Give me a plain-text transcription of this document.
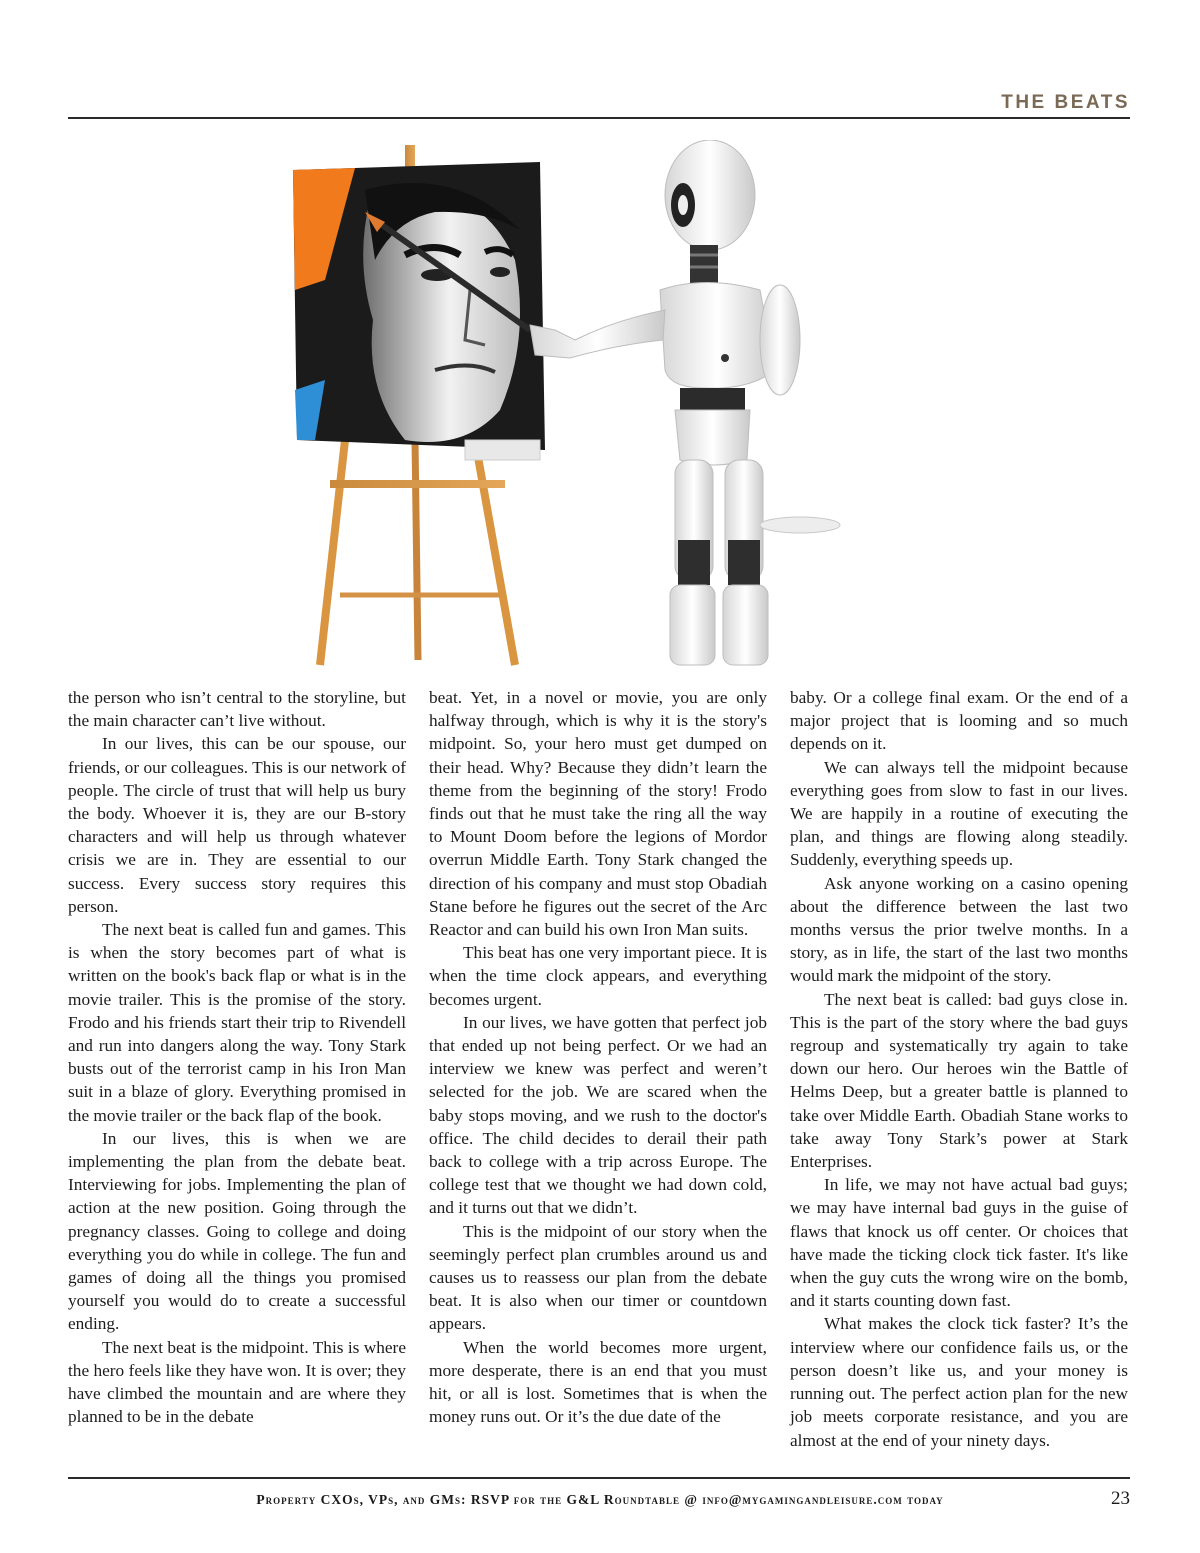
THE BEATS

the person who isn’t central to the storyline, but the main character can’t live without.

In our lives, this can be our spouse, our friends, or our colleagues. This is our network of people. The circle of trust that will help us bury the body. Whoever it is, they are our B-story characters and will help us through whatever crisis we are in. They are essential to our success. Every success story requires this person.

The next beat is called fun and games. This is when the story becomes part of what is written on the book's back flap or what is in the movie trailer. This is the promise of the story. Frodo and his friends start their trip to Rivendell and run into dangers along the way. Tony Stark busts out of the terrorist camp in his Iron Man suit in a blaze of glory. Everything promised in the movie trailer or the back flap of the book.

In our lives, this is when we are implementing the plan from the debate beat. Interviewing for jobs. Implementing the plan of action at the new position. Going through the pregnancy classes. Going to college and doing everything you do while in college. The fun and games of doing all the things you promised yourself you would do to create a successful ending.

The next beat is the midpoint. This is where the hero feels like they have won. It is over; they have climbed the mountain and are where they planned to be in the debate

beat. Yet, in a novel or movie, you are only halfway through, which is why it is the story's midpoint. So, your hero must get dumped on their head. Why? Because they didn’t learn the theme from the beginning of the story! Frodo finds out that he must take the ring all the way to Mount Doom before the legions of Mordor overrun Middle Earth. Tony Stark changed the direction of his company and must stop Obadiah Stane before he figures out the secret of the Arc Reactor and can build his own Iron Man suits.

This beat has one very important piece. It is when the time clock appears, and everything becomes urgent.

In our lives, we have gotten that perfect job that ended up not being perfect. Or we had an interview we knew was perfect and weren’t selected for the job. We are scared when the baby stops moving, and we rush to the doctor's office. The child decides to derail their path back to college with a trip across Europe. The college test that we thought we had down cold, and it turns out that we didn’t.

This is the midpoint of our story when the seemingly perfect plan crumbles around us and causes us to reassess our plan from the debate beat. It is also when our timer or countdown appears.

When the world becomes more urgent, more desperate, there is an end that you must hit, or all is lost. Sometimes that is when the money runs out. Or it’s the due date of the

baby. Or a college final exam. Or the end of a major project that is looming and so much depends on it.

We can always tell the midpoint because everything goes from slow to fast in our lives. We are happily in a routine of executing the plan, and things are flowing along steadily. Suddenly, everything speeds up.

Ask anyone working on a casino opening about the difference between the last two months versus the prior twelve months. In a story, as in life, the start of the last two months would mark the midpoint of the story.

The next beat is called: bad guys close in. This is the part of the story where the bad guys regroup and systematically try again to take down our hero. Our heroes win the Battle of Helms Deep, but a greater battle is planned to take over Middle Earth. Obadiah Stane works to take away Tony Stark’s power at Stark Enterprises.

In life, we may not have actual bad guys; we may have internal bad guys in the guise of flaws that knock us off center. Or choices that have made the ticking clock tick faster. It's like when the guy cuts the wrong wire on the bomb, and it starts counting down fast.

What makes the clock tick faster? It’s the interview where our confidence fails us, or the person doesn’t like us, and your money is running out. The perfect action plan for the new job meets corporate resistance, and you are almost at the end of your ninety days.

Property CXOs, VPs, and GMs: RSVP for the G&L Roundtable @ info@mygamingandleisure.com today	23
